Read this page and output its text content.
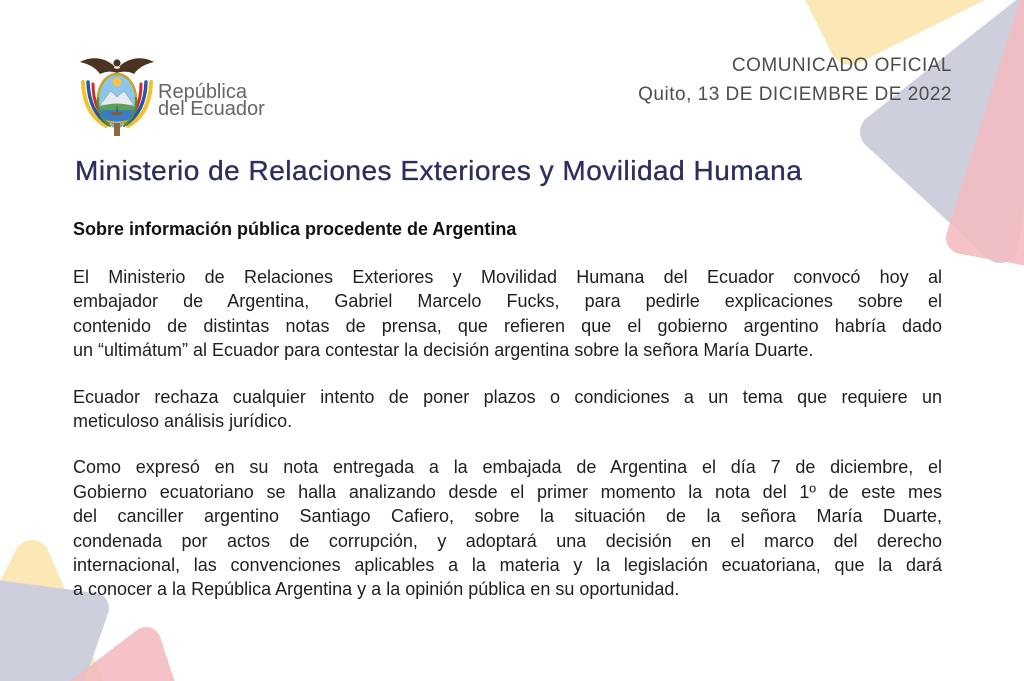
República
del Ecuador
COMUNICADO OFICIAL
Quito, 13 DE DICIEMBRE DE 2022
Ministerio de Relaciones Exteriores y Movilidad Humana
Sobre información pública procedente de Argentina
El Ministerio de Relaciones Exteriores y Movilidad Humana del Ecuador convocó hoy al
embajador de Argentina, Gabriel Marcelo Fucks, para pedirle explicaciones sobre el
contenido de distintas notas de prensa, que refieren que el gobierno argentino habría dado
un “ultimátum” al Ecuador para contestar la decisión argentina sobre la señora María Duarte.
Ecuador rechaza cualquier intento de poner plazos o condiciones a un tema que requiere un
meticuloso análisis jurídico.
Como expresó en su nota entregada a la embajada de Argentina el día 7 de diciembre, el
Gobierno ecuatoriano se halla analizando desde el primer momento la nota del 1º de este mes
del canciller argentino Santiago Cafiero, sobre la situación de la señora María Duarte,
condenada por actos de corrupción, y adoptará una decisión en el marco del derecho
internacional, las convenciones aplicables a la materia y la legislación ecuatoriana, que la dará
a conocer a la República Argentina y a la opinión pública en su oportunidad.
